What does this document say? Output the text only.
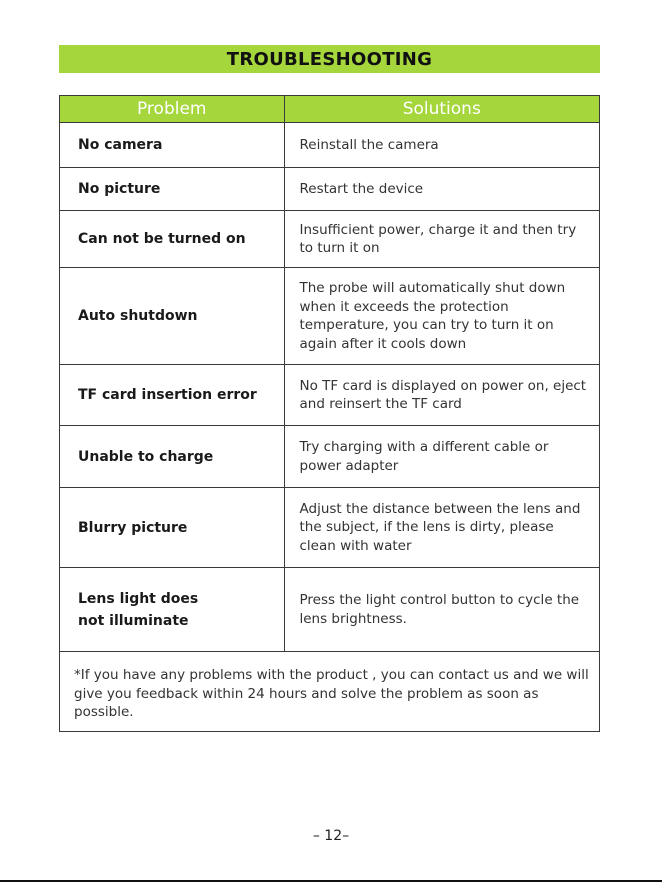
TROUBLESHOOTING
Problem	Solutions
No camera	Reinstall the camera
No picture	Restart the device
Can not be turned on	Insufficient power, charge it and then try to turn it on
Auto shutdown	The probe will automatically shut down when it exceeds the protection temperature, you can try to turn it on again after it cools down
TF card insertion error	No TF card is displayed on power on, eject and reinsert the TF card
Unable to charge	Try charging with a different cable or power adapter
Blurry picture	Adjust the distance between the lens and the subject, if the lens is dirty, please clean with water
Lens light does not illuminate	Press the light control button to cycle the lens brightness.
*If you have any problems with the product , you can contact us and we will give you feedback within 24 hours and solve the problem as soon as possible.
– 12–
